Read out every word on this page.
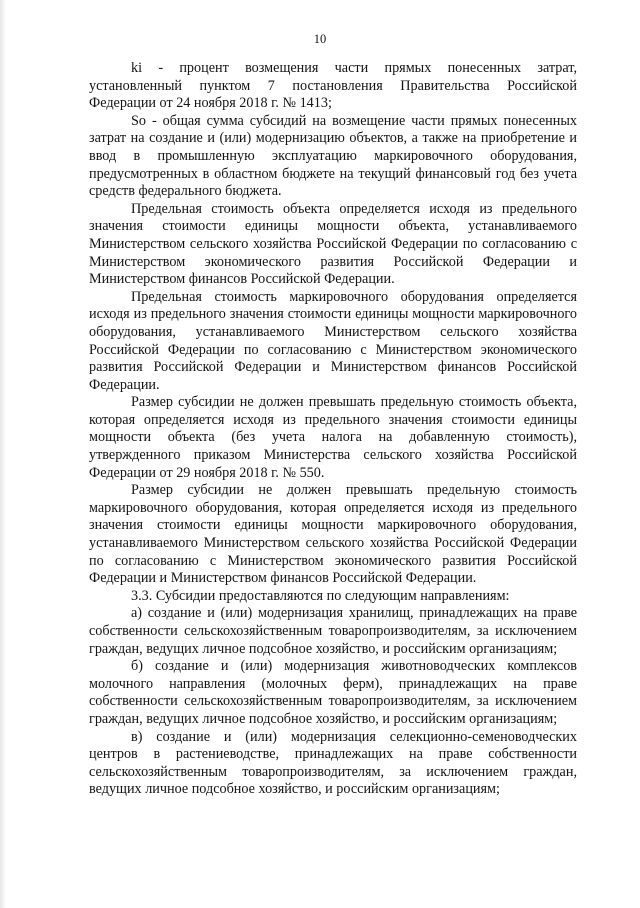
10

ki - процент возмещения части прямых понесенных затрат, установленный пунктом 7 постановления Правительства Российской Федерации от 24 ноября 2018 г. № 1413;

So - общая сумма субсидий на возмещение части прямых понесенных затрат на создание и (или) модернизацию объектов, а также на приобретение и ввод в промышленную эксплуатацию маркировочного оборудования, предусмотренных в областном бюджете на текущий финансовый год без учета средств федерального бюджета.

Предельная стоимость объекта определяется исходя из предельного значения стоимости единицы мощности объекта, устанавливаемого Министерством сельского хозяйства Российской Федерации по согласованию с Министерством экономического развития Российской Федерации и Министерством финансов Российской Федерации.

Предельная стоимость маркировочного оборудования определяется исходя из предельного значения стоимости единицы мощности маркировочного оборудования, устанавливаемого Министерством сельского хозяйства Российской Федерации по согласованию с Министерством экономического развития Российской Федерации и Министерством финансов Российской Федерации.

Размер субсидии не должен превышать предельную стоимость объекта, которая определяется исходя из предельного значения стоимости единицы мощности объекта (без учета налога на добавленную стоимость), утвержденного приказом Министерства сельского хозяйства Российской Федерации от 29 ноября 2018 г. № 550.

Размер субсидии не должен превышать предельную стоимость маркировочного оборудования, которая определяется исходя из предельного значения стоимости единицы мощности маркировочного оборудования, устанавливаемого Министерством сельского хозяйства Российской Федерации по согласованию с Министерством экономического развития Российской Федерации и Министерством финансов Российской Федерации.

3.3. Субсидии предоставляются по следующим направлениям:

а) создание и (или) модернизация хранилищ, принадлежащих на праве собственности сельскохозяйственным товаропроизводителям, за исключением граждан, ведущих личное подсобное хозяйство, и российским организациям;

б) создание и (или) модернизация животноводческих комплексов молочного направления (молочных ферм), принадлежащих на праве собственности сельскохозяйственным товаропроизводителям, за исключением граждан, ведущих личное подсобное хозяйство, и российским организациям;

в) создание и (или) модернизация селекционно-семеноводческих центров в растениеводстве, принадлежащих на праве собственности сельскохозяйственным товаропроизводителям, за исключением граждан, ведущих личное подсобное хозяйство, и российским организациям;
